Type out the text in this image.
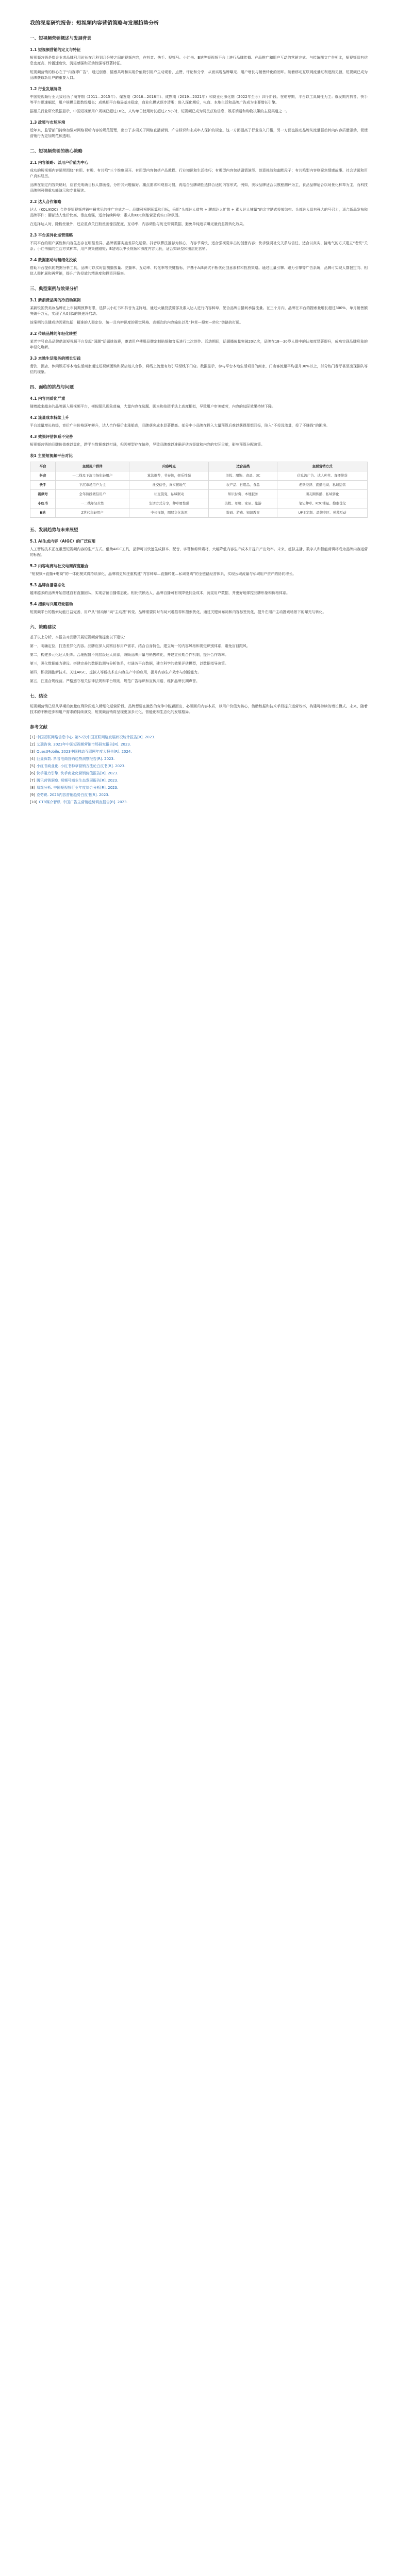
我的深度研究报告：短视频内容营销策略与发展趋势分析
一、短视频营销概述与发展背景
1.1 短视频营销的定义与特征

短视频营销是指企业或品牌利用时长在几秒到几分钟之间的视频内容，在抖音、快手、视频号、小红书、B站等短视频平台上进行品牌传播、产品推广和用户互动的营销方式。与传统图文广告相比，短视频具有信息密度高、传播速度快、沉浸感强和互动性强等显著特征。

短视频营销的核心在于“内容即广告”，通过创意、情感共鸣和实用价值吸引用户主动观看、点赞、评论和分享，从而实现品牌曝光、用户增长与销售转化的闭环。随着移动互联网流量红利逐渐见顶，短视频已成为品牌获取新用户的重要入口。

1.2 行业发展阶段

中国短视频行业大致经历了萌芽期（2011—2015年）、爆发期（2016—2018年）、成熟期（2019—2021年）和商业化深化期（2022年至今）四个阶段。在萌芽期，平台以工具属性为主；爆发期内抖音、快手等平台迅速崛起，用户规模呈指数级增长；成熟期平台格局基本稳定，商业化模式逐步清晰；进入深化期后，电商、本地生活和品牌广告成为主要增长引擎。

据相关行业研究数据显示，中国短视频用户规模已超过10亿，人均单日使用时长超过2.5小时，短视频已成为网民获取信息、娱乐消遣和购物决策的主要渠道之一。

1.3 政策与市场环境

近年来，监管部门持续加强对网络视听内容的规范管理，出台了多项关于网络直播营销、广告标识和未成年人保护的规定。这一方面提高了行业准入门槛，另一方面也推动品牌从流量驱动转向内容质量驱动，促使营销行为更加规范和透明。

二、短视频营销的核心策略
2.1 内容策略：以用户价值为中心

成功的短视频内容通常围绕“有用、有趣、有共鸣”三个维度展开。有用型内容包括产品教程、行业知识和生活技巧；有趣型内容包括剧情演绎、创意挑战和幽默段子；有共鸣型内容则聚焦情感故事、社会话题和用户真实经历。

品牌在制定内容策略时，应首先明确目标人群画像，分析其兴趣偏好、痛点需求和观看习惯，再结合品牌调性选择合适的内容形式。例如，美妆品牌适合以教程测评为主，食品品牌适合以场景化种草为主，而科技品牌则可侧重功能演示和专业解读。

2.2 达人合作策略

达人（KOL/KOC）合作是短视频营销中最常见的推广方式之一。品牌可根据预算和目标，采用“头部达人造势 + 腰部达人扩散 + 素人达人铺量”的金字塔式投放结构。头部达人具有强大的号召力，适合新品发布和品牌事件；腰部达人性价比高、垂直度强，适合持续种草；素人和KOC则能营造真实口碑氛围。

在选择达人时，除粉丝量外，还应重点关注粉丝画像匹配度、互动率、内容调性与历史带货数据，避免单纯追求曝光量而忽视转化效果。

2.3 平台差异化运营策略

不同平台的用户属性和内容生态存在明显差异，品牌需要实施差异化运营。抖音以算法推荐为核心，内容节奏快，适合强视觉冲击的创意内容；快手强调社交关系与信任，适合以真实、接地气的方式建立“老铁”关系；小红书偏向生活方式种草，用户决策链路短；B站则以中长视频和深度内容见长，适合知识型和圈层化营销。

2.4 数据驱动与精细化投放

借助平台提供的数据分析工具，品牌可以实时监测播放量、完播率、互动率、转化率等关键指标，并基于A/B测试不断优化创意素材和投放策略。通过巨量引擎、磁力引擎等广告系统，品牌可实现人群包定向、相似人群扩展和再营销，提升广告投放的精准度和投资回报率。

三、典型案例与效果分析
3.1 新消费品牌的冷启动案例

某新锐国货美妆品牌在上市初期预算有限，选择以小红书和抖音为主阵地，通过大量投放腰部及素人达人进行内容种草，配合品牌自播间承接流量。在三个月内，品牌在平台的搜索量增长超过300%，单月销售额突破千万元，实现了从0到1的快速冷启动。

该案例的关键成功因素包括：精准的人群定位、统一且有辨识度的视觉风格、高频次的内容输出以及“种草—搜索—转化”链路的打通。

3.2 传统品牌的年轻化转型

某老字号食品品牌借助短视频平台发起“国潮”话题挑战赛，邀请用户使用品牌定制贴纸和音乐进行二次创作。活动期间，话题播放量突破20亿次，品牌在18—30岁人群中的认知度显著提升，成功实现品牌形象的年轻化焕新。

3.3 本地生活服务的增长实践

餐饮、酒店、休闲娱乐等本地生活商家通过短视频团购和探店达人合作，将线上流量有效引导至线下门店。数据显示，参与平台本地生活项目的商家，门店客流量平均提升30%以上，部分热门餐厅甚至出现排队等位的现象。

四、面临的挑战与问题
4.1 内容同质化严重

随着越来越多的品牌涌入短视频平台，模仿跟风现象普遍，大量内容在选题、脚本和拍摄手法上高度相似，导致用户审美疲劳，内容的边际效果持续下降。

4.2 流量成本持续上升

平台流量增长放缓，竞价广告价格逐年攀升，达人合作报价水涨船高，品牌获客成本显著提高。部分中小品牌在投入大量预算后难以获得理想回报，陷入“不投没流量，投了不赚钱”的困境。

4.3 效果评估体系不完善

短视频营销的品牌价值难以量化，跨平台数据难以打通，归因模型存在偏差，导致品牌难以准确评估各渠道和内容的实际贡献，影响预算分配决策。

表1 主要短视频平台对比
平台	主要用户群体	内容特点	适合品类	主要营销方式
抖音	一二线及下沉市场年轻用户	算法推荐，节奏快，娱乐性强	美妆、服饰、食品、3C	信息流广告、达人种草、直播带货
快手	下沉市场用户为主	社交信任，真实接地气	农产品、日用品、食品	老铁经济、直播电商、私域运营
视频号	全年龄段微信用户	社交裂变，私域联动	知识付费、本地服务	朋友圈传播、私域转化
小红书	一二线年轻女性	生活方式分享，种草属性强	美妆、母婴、家居、旅游	笔记种草、KOC铺量、搜索优化
B站	Z世代年轻用户	中长视频，圈层文化浓厚	数码、游戏、知识教育	UP主定制、品牌专区、弹幕互动
五、发展趋势与未来展望
5.1 AI生成内容（AIGC）的广泛应用

人工智能技术正在重塑短视频内容的生产方式。借助AIGC工具，品牌可以快速生成脚本、配音、字幕和剪辑素材，大幅降低内容生产成本并提升产出效率。未来，虚拟主播、数字人和智能剪辑将成为品牌内容运营的标配。

5.2 内容电商与社交电商深度融合

“短视频+直播+电商”的一体化模式将持续深化，品牌将更加注重构建“内容种草—直播转化—私域复购”的全链路经营体系，实现公域流量与私域用户资产的协同增长。

5.3 品牌自播常态化

越来越多的品牌开始搭建自有直播团队，实现店铺自播常态化。相比依赖达人，品牌自播可有效降低佣金成本，沉淀用户数据，并更好地掌控品牌形象和价格体系。

5.4 搜索与兴趣双轮驱动

短视频平台的搜索功能日益完善，用户从“被动刷”向“主动搜”转变。品牌需要同时布局兴趣推荐和搜索优化，通过关键词布局和内容标签优化，提升在用户主动搜索场景下的曝光与转化。

六、策略建议

基于以上分析，本报告对品牌开展短视频营销提出以下建议：

第一，明确定位，打造差异化内容。品牌应深入洞察目标用户需求，结合自身特色，建立统一的内容风格和视觉识别体系，避免盲目跟风。

第二，构建多元化达人矩阵。合理配置不同层级达人资源，兼顾品牌声量与销售转化，并建立长期合作机制，提升合作效率。

第三，强化数据能力建设。搭建完善的数据监测与分析体系，打通各平台数据，建立科学的效果评估模型，以数据指导决策。

第四，积极拥抱新技术。关注AIGC、虚拟人等新技术在内容生产中的应用，提升内容生产效率与创新能力。

第五，注重合规经营。严格遵守相关法律法规和平台规则，规范广告标识和宣传用语，维护品牌长期声誉。

七、结论

短视频营销已经从早期的流量红利阶段进入精细化运营阶段。品牌想要在激烈的竞争中脱颖而出，必须回归内容本质，以用户价值为核心，借助数据和技术手段提升运营效率，构建可持续的增长模式。未来，随着技术的不断进步和用户需求的持续演变，短视频营销将呈现更加多元化、智能化和生态化的发展格局。

参考文献
[1] 中国互联网络信息中心. 第52次中国互联网络发展状况统计报告[R]. 2023.
[2] 艾瑞咨询. 2023年中国短视频营销市场研究报告[R]. 2023.
[3] QuestMobile. 2023中国移动互联网年度大报告[R]. 2024.
[4] 巨量算数. 抖音电商营销趋势洞察报告[R]. 2023.
[5] 小红书商业化. 小红书种草营销方法论白皮书[R]. 2023.
[6] 快手磁力引擎. 快手商业化营销价值报告[R]. 2023.
[7] 腾讯营销洞察. 视频号商业生态发展报告[R]. 2023.
[8] 易观分析. 中国短视频行业年度综合分析[R]. 2023.
[9] 克劳锐. 2023内容营销趋势白皮书[R]. 2023.
[10] CTR媒介智讯. 中国广告主营销趋势调查报告[R]. 2023.
